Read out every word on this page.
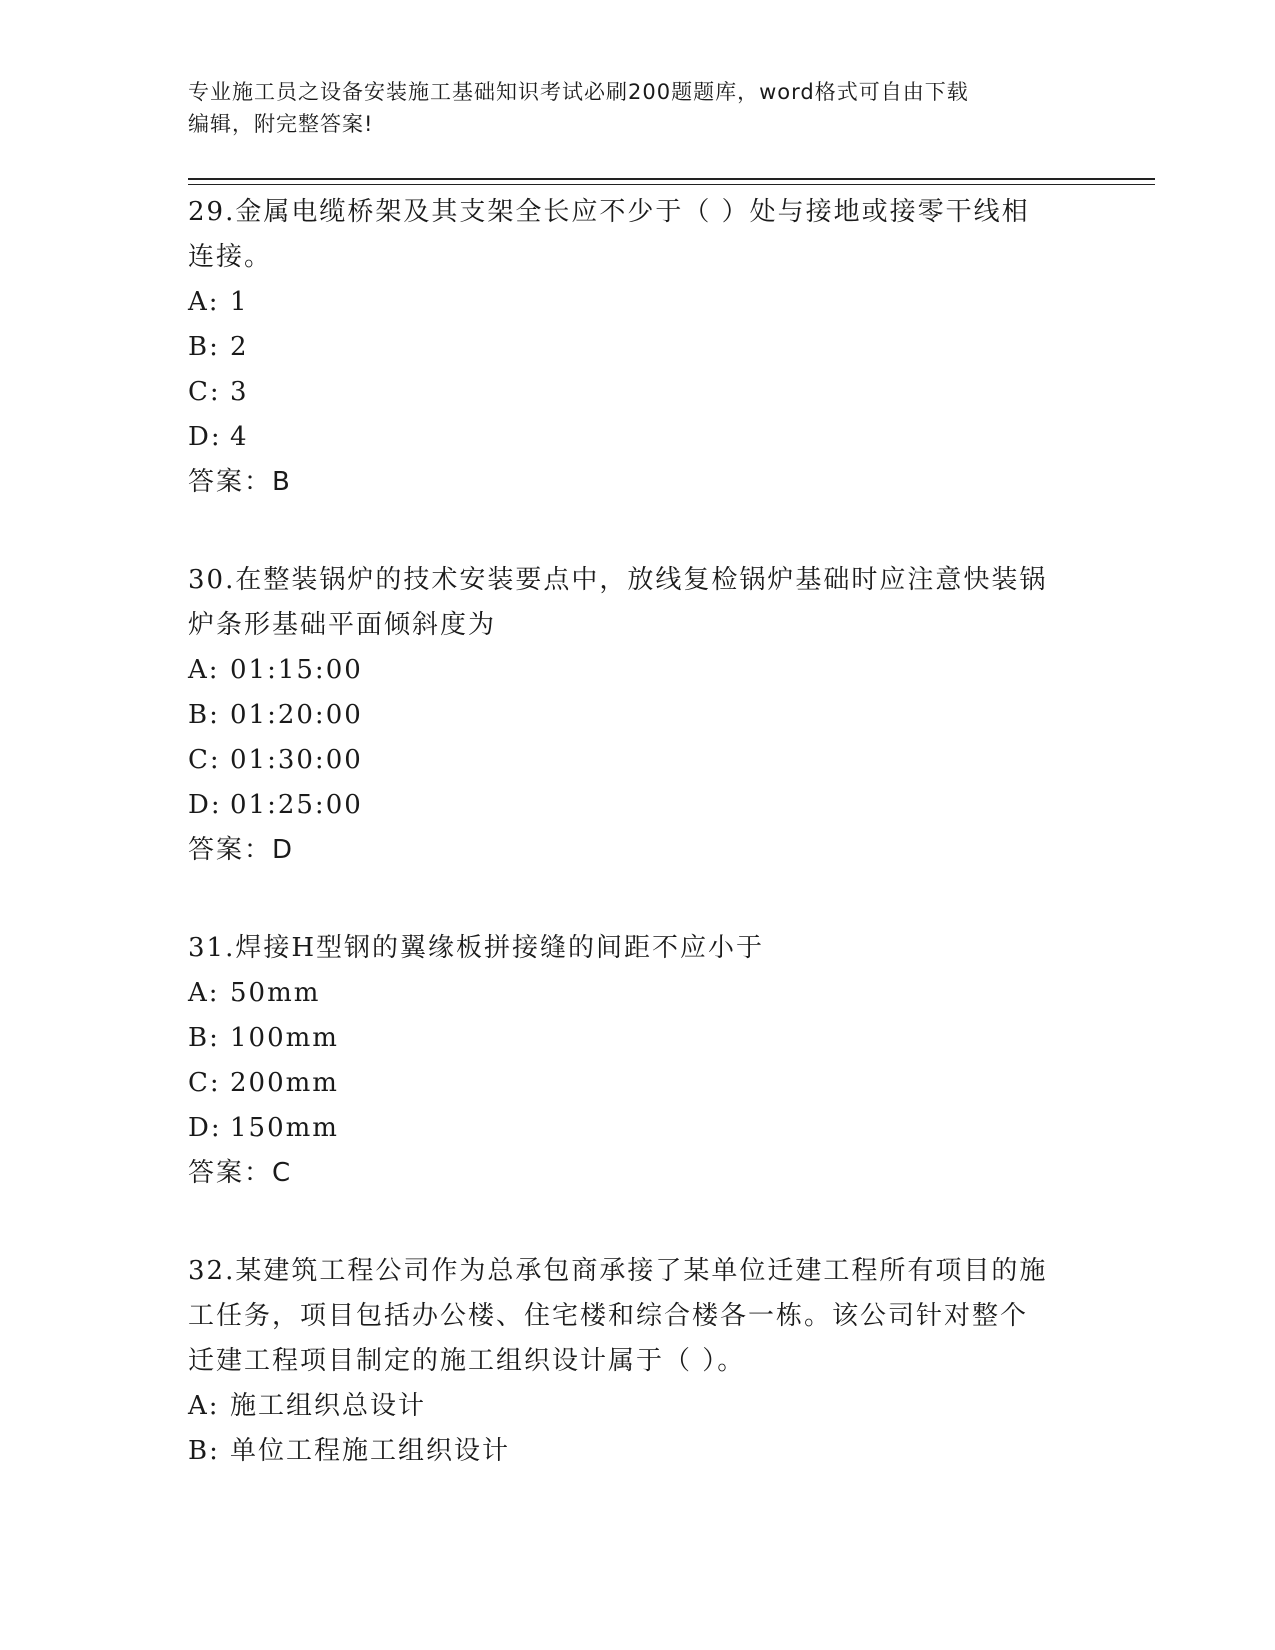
专业施工员之设备安装施工基础知识考试必刷200题题库，word格式可自由下载
编辑，附完整答案!
29.金属电缆桥架及其支架全长应不少于（ ）处与接地或接零干线相
连接。
A: 1
B: 2
C: 3
D: 4
答案：B
30.在整装锅炉的技术安装要点中，放线复检锅炉基础时应注意快装锅
炉条形基础平面倾斜度为
A: 01:15:00
B: 01:20:00
C: 01:30:00
D: 01:25:00
答案：D
31.焊接H型钢的翼缘板拼接缝的间距不应小于
A: 50mm
B: 100mm
C: 200mm
D: 150mm
答案：C
32.某建筑工程公司作为总承包商承接了某单位迁建工程所有项目的施
工任务，项目包括办公楼、住宅楼和综合楼各一栋。该公司针对整个
迁建工程项目制定的施工组织设计属于（ ）。
A: 施工组织总设计
B: 单位工程施工组织设计
